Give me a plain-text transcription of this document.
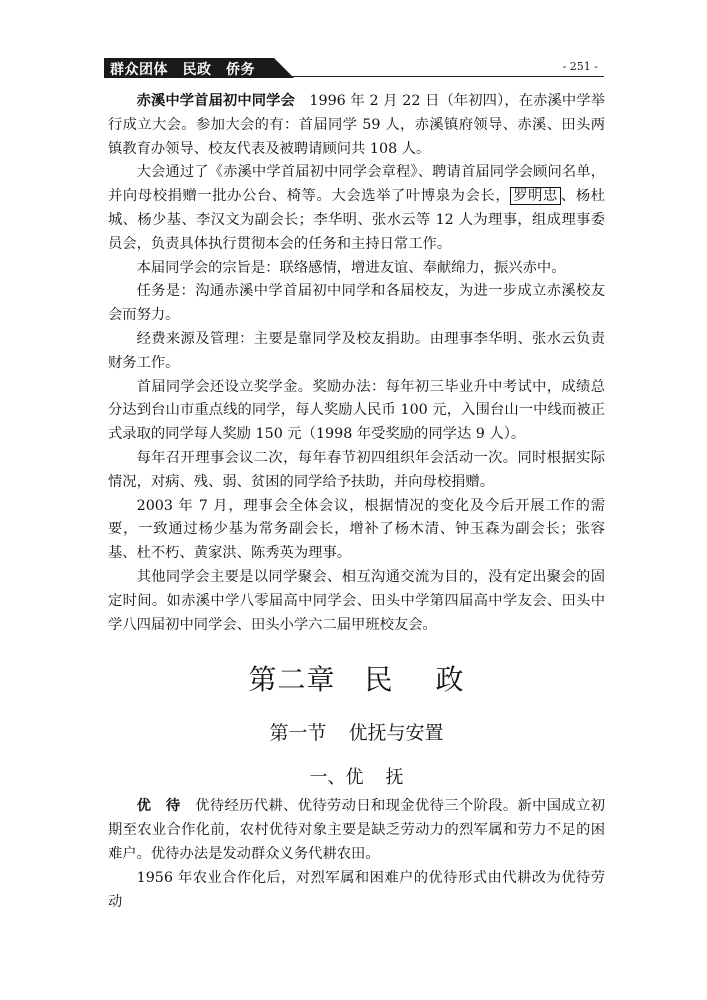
群众团体　民政　侨务	- 251 -

赤溪中学首届初中同学会　1996 年 2 月 22 日（年初四），在赤溪中学举行成立大会。参加大会的有：首届同学 59 人，赤溪镇府领导、赤溪、田头两镇教育办领导、校友代表及被聘请顾问共 108 人。

大会通过了《赤溪中学首届初中同学会章程》、聘请首届同学会顾问名单，并向母校捐赠一批办公台、椅等。大会选举了叶博泉为会长， 罗明忠 、杨杜城、杨少基、李汉文为副会长；李华明、张水云等 12 人为理事，组成理事委员会，负责具体执行贯彻本会的任务和主持日常工作。

本届同学会的宗旨是：联络感情，增进友谊、奉献绵力，振兴赤中。

任务是：沟通赤溪中学首届初中同学和各届校友，为进一步成立赤溪校友会而努力。

经费来源及管理：主要是靠同学及校友捐助。由理事李华明、张水云负责财务工作。

首届同学会还设立奖学金。奖励办法：每年初三毕业升中考试中，成绩总分达到台山市重点线的同学，每人奖励人民币 100 元，入围台山一中线而被正式录取的同学每人奖励 150 元（1998 年受奖励的同学达 9 人）。

每年召开理事会议二次，每年春节初四组织年会活动一次。同时根据实际情况，对病、残、弱、贫困的同学给予扶助，并向母校捐赠。

2003 年 7 月，理事会全体会议，根据情况的变化及今后开展工作的需要，一致通过杨少基为常务副会长，增补了杨木清、钟玉森为副会长；张容基、杜不朽、黄家洪、陈秀英为理事。

其他同学会主要是以同学聚会、相互沟通交流为目的，没有定出聚会的固定时间。如赤溪中学八零届高中同学会、田头中学第四届高中学友会、田头中学八四届初中同学会、田头小学六二届甲班校友会。

第二章　民 政
第一节 优抚与安置
一、优 抚

优　待　优待经历代耕、优待劳动日和现金优待三个阶段。新中国成立初期至农业合作化前，农村优待对象主要是缺乏劳动力的烈军属和劳力不足的困难户。优待办法是发动群众义务代耕农田。

1956 年农业合作化后，对烈军属和困难户的优待形式由代耕改为优待劳动
